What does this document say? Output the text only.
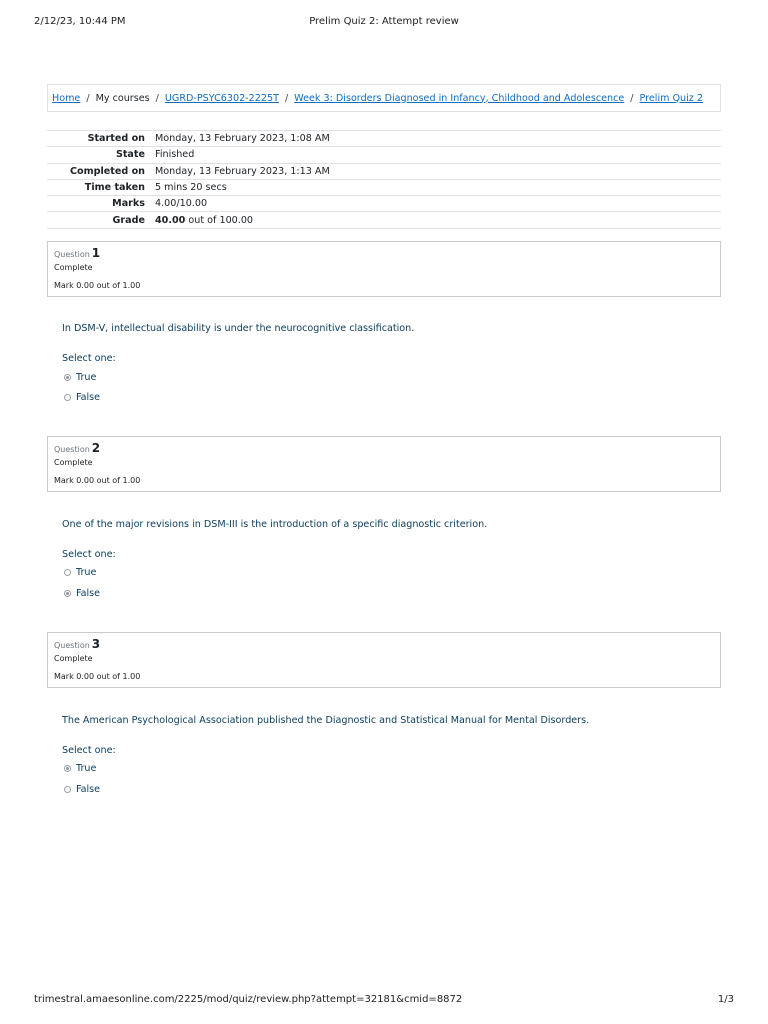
2/12/23, 10:44 PM	Prelim Quiz 2: Attempt review
Home / My courses / UGRD-PSYC6302-2225T / Week 3: Disorders Diagnosed in Infancy, Childhood and Adolescence / Prelim Quiz 2
Started on	Monday, 13 February 2023, 1:08 AM
State	Finished
Completed on	Monday, 13 February 2023, 1:13 AM
Time taken	5 mins 20 secs
Marks	4.00/10.00
Grade	40.00 out of 100.00
Question 1
Complete
Mark 0.00 out of 1.00
In DSM-V, intellectual disability is under the neurocognitive classification.
Select one:
True
False
Question 2
Complete
Mark 0.00 out of 1.00
One of the major revisions in DSM-III is the introduction of a specific diagnostic criterion.
Select one:
True
False
Question 3
Complete
Mark 0.00 out of 1.00
The American Psychological Association published the Diagnostic and Statistical Manual for Mental Disorders.
Select one:
True
False
trimestral.amaesonline.com/2225/mod/quiz/review.php?attempt=32181&cmid=8872	1/3
